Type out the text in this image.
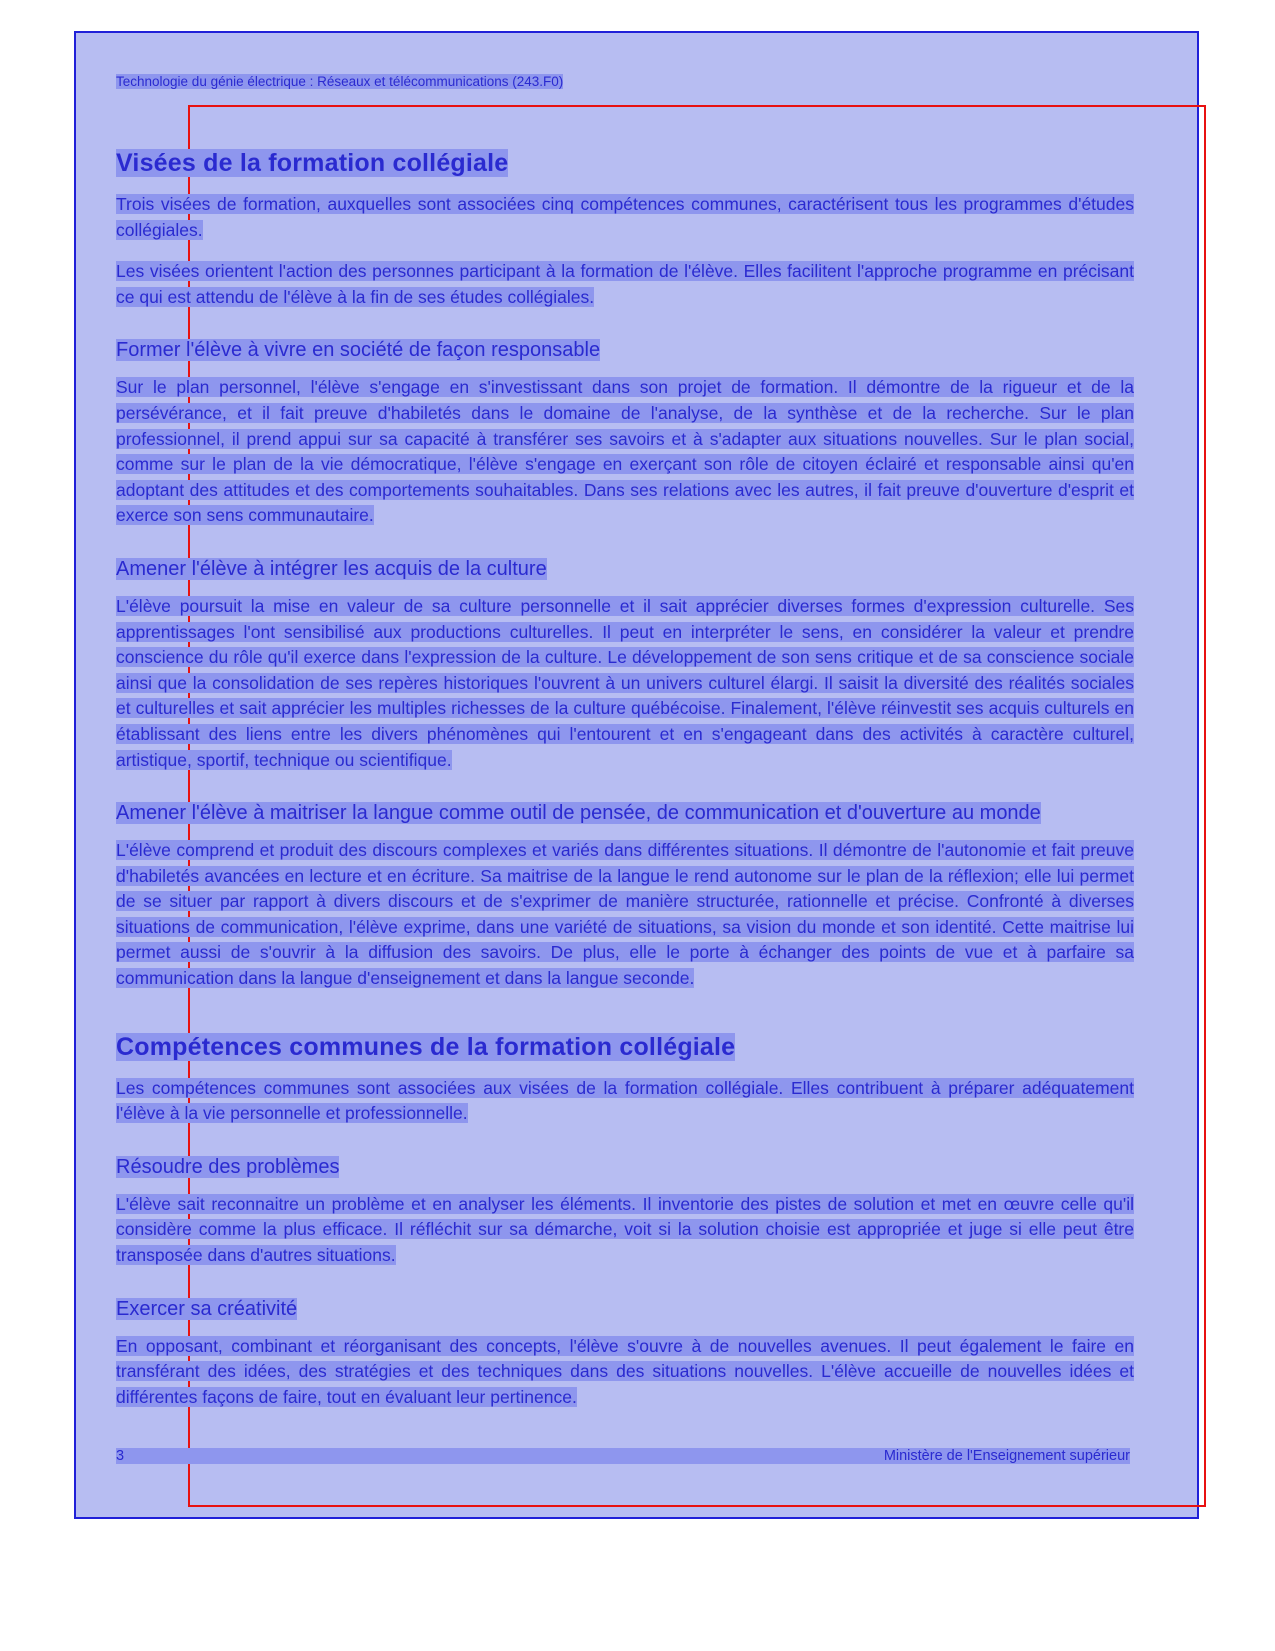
Technologie du génie électrique : Réseaux et télécommunications (243.F0)
Visées de la formation collégiale

Trois visées de formation, auxquelles sont associées cinq compétences communes, caractérisent tous les programmes d'études collégiales.

Les visées orientent l'action des personnes participant à la formation de l'élève. Elles facilitent l'approche programme en précisant ce qui est attendu de l'élève à la fin de ses études collégiales.

Former l'élève à vivre en société de façon responsable

Sur le plan personnel, l'élève s'engage en s'investissant dans son projet de formation. Il démontre de la rigueur et de la persévérance, et il fait preuve d'habiletés dans le domaine de l'analyse, de la synthèse et de la recherche. Sur le plan professionnel, il prend appui sur sa capacité à transférer ses savoirs et à s'adapter aux situations nouvelles. Sur le plan social, comme sur le plan de la vie démocratique, l'élève s'engage en exerçant son rôle de citoyen éclairé et responsable ainsi qu'en adoptant des attitudes et des comportements souhaitables. Dans ses relations avec les autres, il fait preuve d'ouverture d'esprit et exerce son sens communautaire.

Amener l'élève à intégrer les acquis de la culture

L'élève poursuit la mise en valeur de sa culture personnelle et il sait apprécier diverses formes d'expression culturelle. Ses apprentissages l'ont sensibilisé aux productions culturelles. Il peut en interpréter le sens, en considérer la valeur et prendre conscience du rôle qu'il exerce dans l'expression de la culture. Le développement de son sens critique et de sa conscience sociale ainsi que la consolidation de ses repères historiques l'ouvrent à un univers culturel élargi. Il saisit la diversité des réalités sociales et culturelles et sait apprécier les multiples richesses de la culture québécoise. Finalement, l'élève réinvestit ses acquis culturels en établissant des liens entre les divers phénomènes qui l'entourent et en s'engageant dans des activités à caractère culturel, artistique, sportif, technique ou scientifique.

Amener l'élève à maitriser la langue comme outil de pensée, de communication et d'ouverture au monde

L'élève comprend et produit des discours complexes et variés dans différentes situations. Il démontre de l'autonomie et fait preuve d'habiletés avancées en lecture et en écriture. Sa maitrise de la langue le rend autonome sur le plan de la réflexion; elle lui permet de se situer par rapport à divers discours et de s'exprimer de manière structurée, rationnelle et précise. Confronté à diverses situations de communication, l'élève exprime, dans une variété de situations, sa vision du monde et son identité. Cette maitrise lui permet aussi de s'ouvrir à la diffusion des savoirs. De plus, elle le porte à échanger des points de vue et à parfaire sa communication dans la langue d'enseignement et dans la langue seconde.

Compétences communes de la formation collégiale

Les compétences communes sont associées aux visées de la formation collégiale. Elles contribuent à préparer adéquatement l'élève à la vie personnelle et professionnelle.

Résoudre des problèmes

L'élève sait reconnaitre un problème et en analyser les éléments. Il inventorie des pistes de solution et met en œuvre celle qu'il considère comme la plus efficace. Il réfléchit sur sa démarche, voit si la solution choisie est appropriée et juge si elle peut être transposée dans d'autres situations.

Exercer sa créativité

En opposant, combinant et réorganisant des concepts, l'élève s'ouvre à de nouvelles avenues. Il peut également le faire en transférant des idées, des stratégies et des techniques dans des situations nouvelles. L'élève accueille de nouvelles idées et différentes façons de faire, tout en évaluant leur pertinence.

3
	Ministère de l'Enseignement supérieur
